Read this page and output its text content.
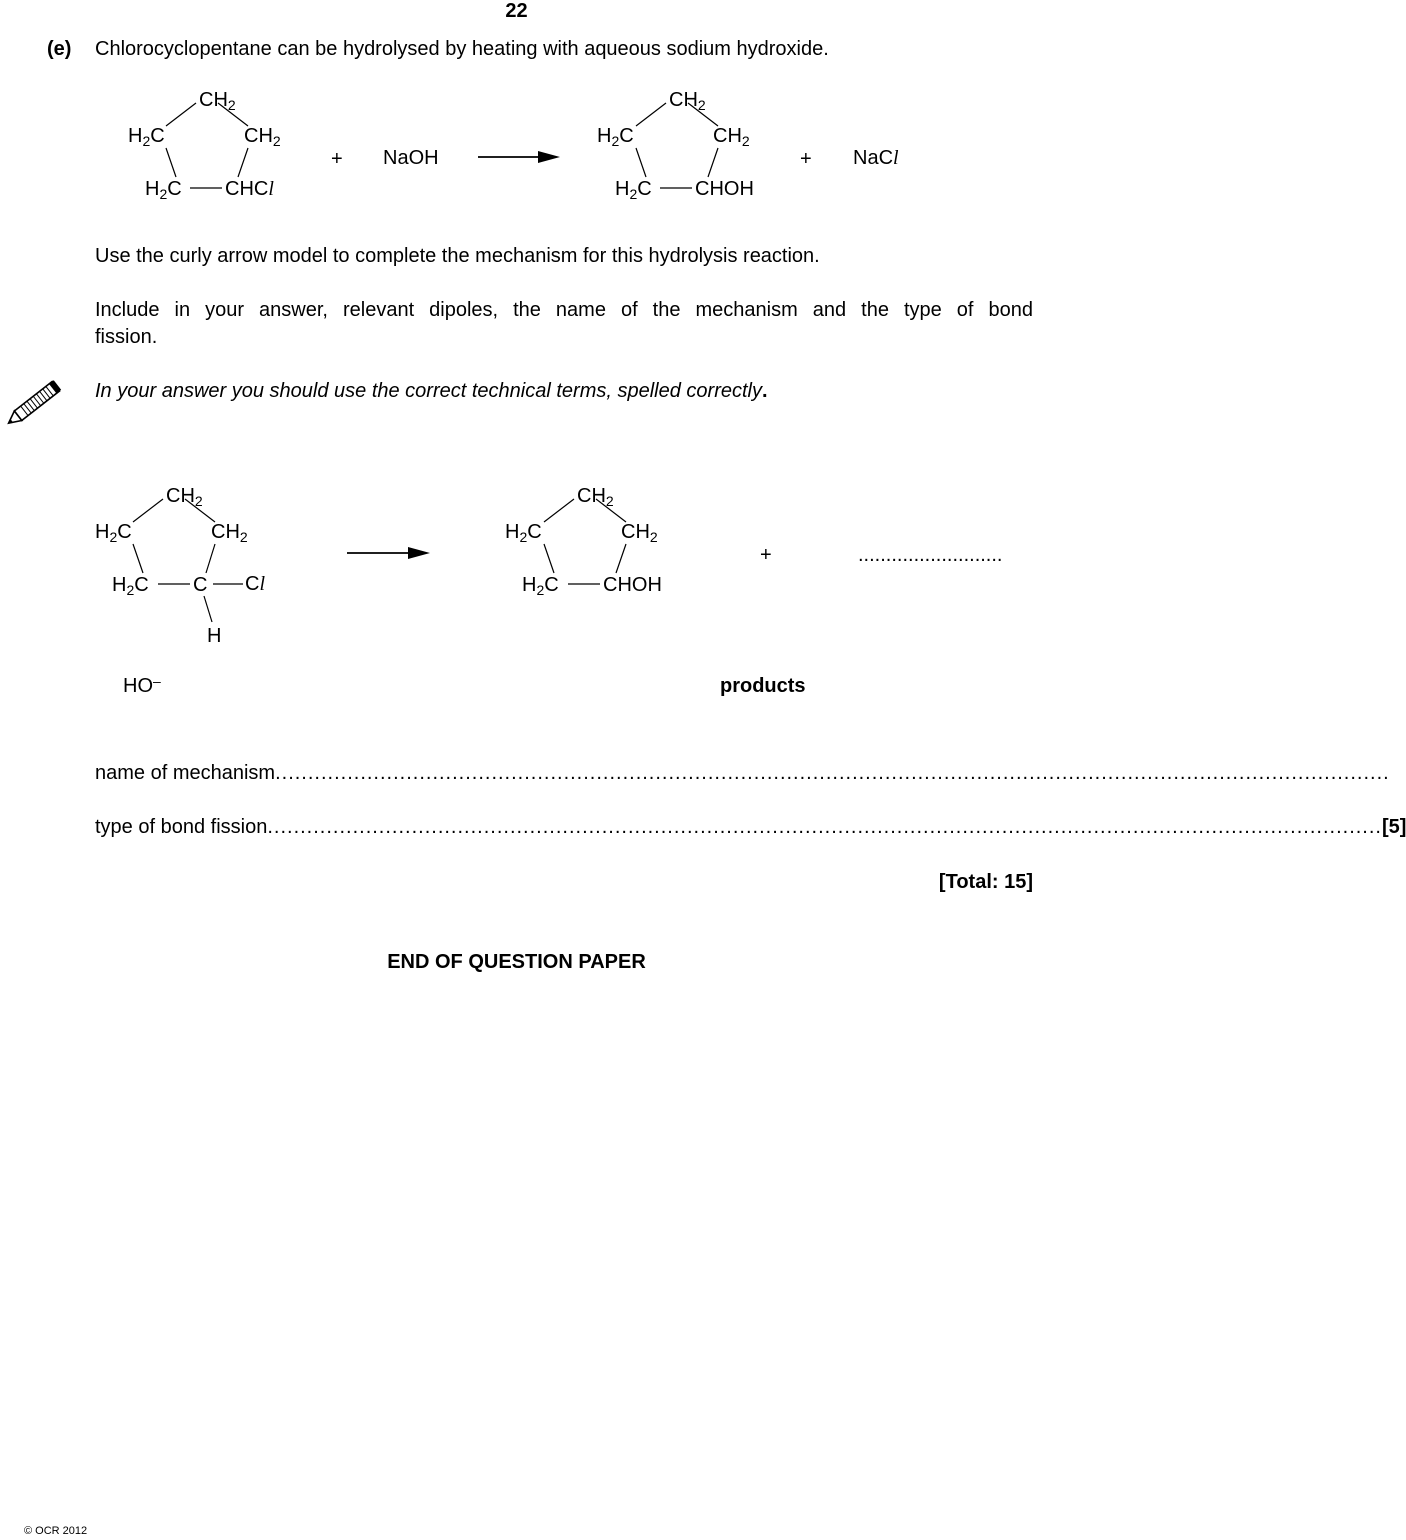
22
(e) Chlorocyclopentane can be hydrolysed by heating with aqueous sodium hydroxide.
$CH_2$
$H_2C$	$CH_2$
$H_2C$ CHCl
+ NaOH
$CH_2$
$H_2C$	$CH_2$
$H_2C$ CHOH
+ NaCl
Use the curly arrow model to complete the mechanism for this hydrolysis reaction.
Include in your answer, relevant dipoles, the name of the mechanism and the type of bond
fission.
In your answer you should use the correct technical terms, spelled correctly.
$CH_2$
$H_2C$	$CH_2$
$H_2C$ C Cl
H
$CH_2$
$H_2C$	$CH_2$
$H_2C$ CHOH
+	..........................
HO–	products
name of mechanism ..........................................................................................................................................................................
type of bond fission .......................................................................................................................................................................... [5]
[Total: 15]
END OF QUESTION PAPER
© OCR 2012
